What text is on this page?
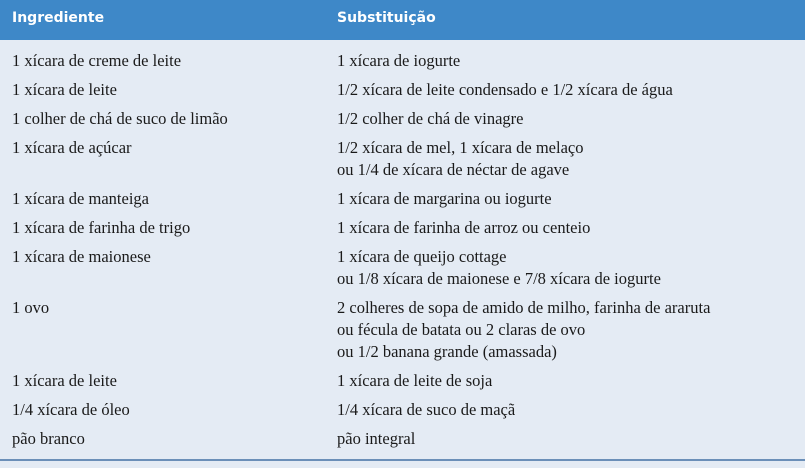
Ingrediente	Substituição
1 xícara de creme de leite	1 xícara de iogurte
1 xícara de leite	1/2 xícara de leite condensado e 1/2 xícara de água
1 colher de chá de suco de limão	1/2 colher de chá de vinagre
1 xícara de açúcar	1/2 xícara de mel, 1 xícara de melaço
ou 1/4 de xícara de néctar de agave
1 xícara de manteiga	1 xícara de margarina ou iogurte
1 xícara de farinha de trigo	1 xícara de farinha de arroz ou centeio
1 xícara de maionese	1 xícara de queijo cottage
ou 1/8 xícara de maionese e 7/8 xícara de iogurte
1 ovo	2 colheres de sopa de amido de milho, farinha de araruta
ou fécula de batata ou 2 claras de ovo
ou 1/2 banana grande (amassada)
1 xícara de leite	1 xícara de leite de soja
1/4 xícara de óleo	1/4 xícara de suco de maçã
pão branco	pão integral
